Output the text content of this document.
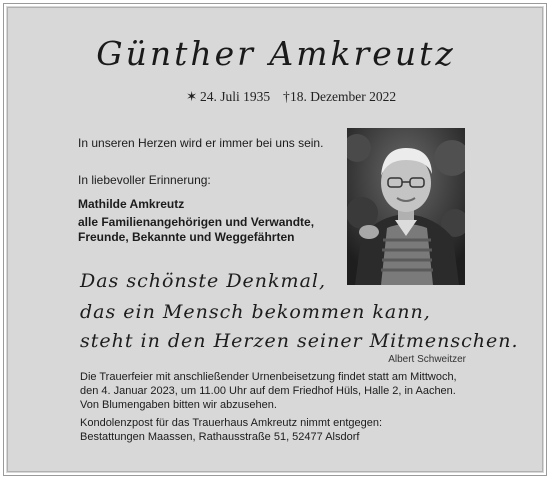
Günther Amkreutz
✶ 24. Juli 1935 † 18. Dezember 2022
In unseren Herzen wird er immer bei uns sein.
In liebevoller Erinnerung:
Mathilde Amkreutz
alle Familienangehörigen und Verwandte,
Freunde, Bekannte und Weggefährten
Das schönste Denkmal,
das ein Mensch bekommen kann,
steht in den Herzen seiner Mitmenschen.
Albert Schweitzer
Die Trauerfeier mit anschließender Urnenbeisetzung findet statt am Mittwoch,
den 4. Januar 2023, um 11.00 Uhr auf dem Friedhof Hüls, Halle 2, in Aachen.
Von Blumengaben bitten wir abzusehen.
Kondolenzpost für das Trauerhaus Amkreutz nimmt entgegen:
Bestattungen Maassen, Rathausstraße 51, 52477 Alsdorf
